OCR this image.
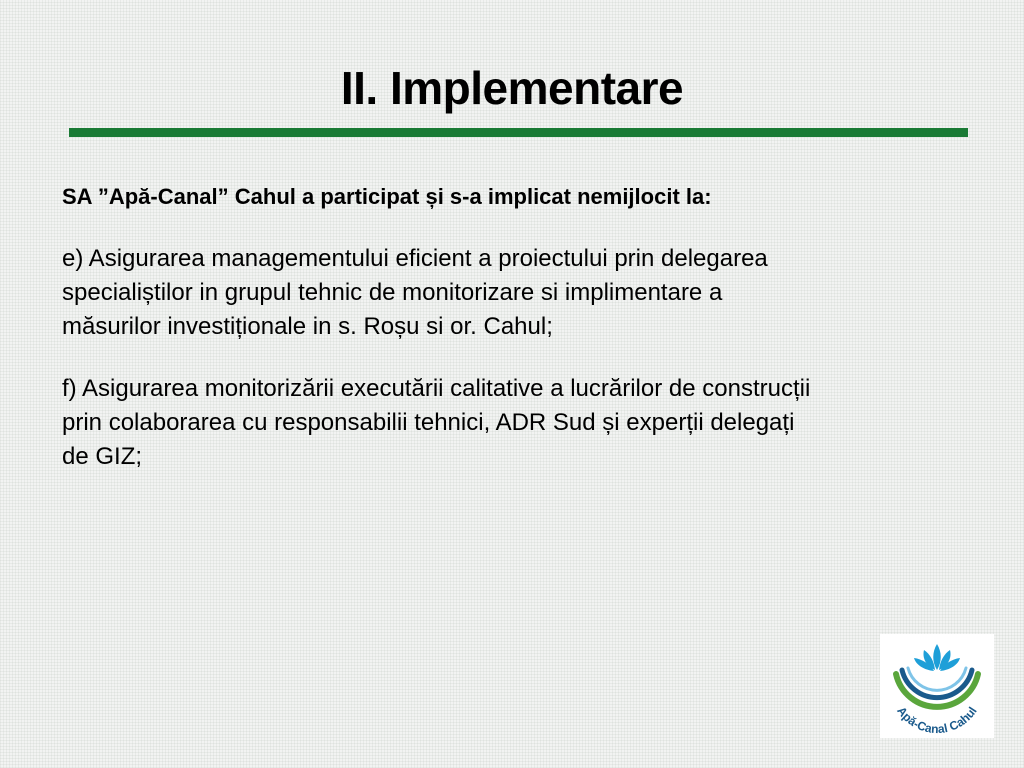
II. Implementare

SA ”Apă-Canal” Cahul a participat și s-a implicat nemijlocit la:

e) Asigurarea managementului eficient a proiectului prin delegarea
specialiștilor in grupul tehnic de monitorizare si implimentare a
măsurilor investiționale in s. Roșu si or. Cahul;

f) Asigurarea monitorizării executării calitative a lucrărilor de construcții
prin colaborarea cu responsabilii tehnici, ADR Sud și experții delegați
de GIZ;

Apă-Canal Cahul
